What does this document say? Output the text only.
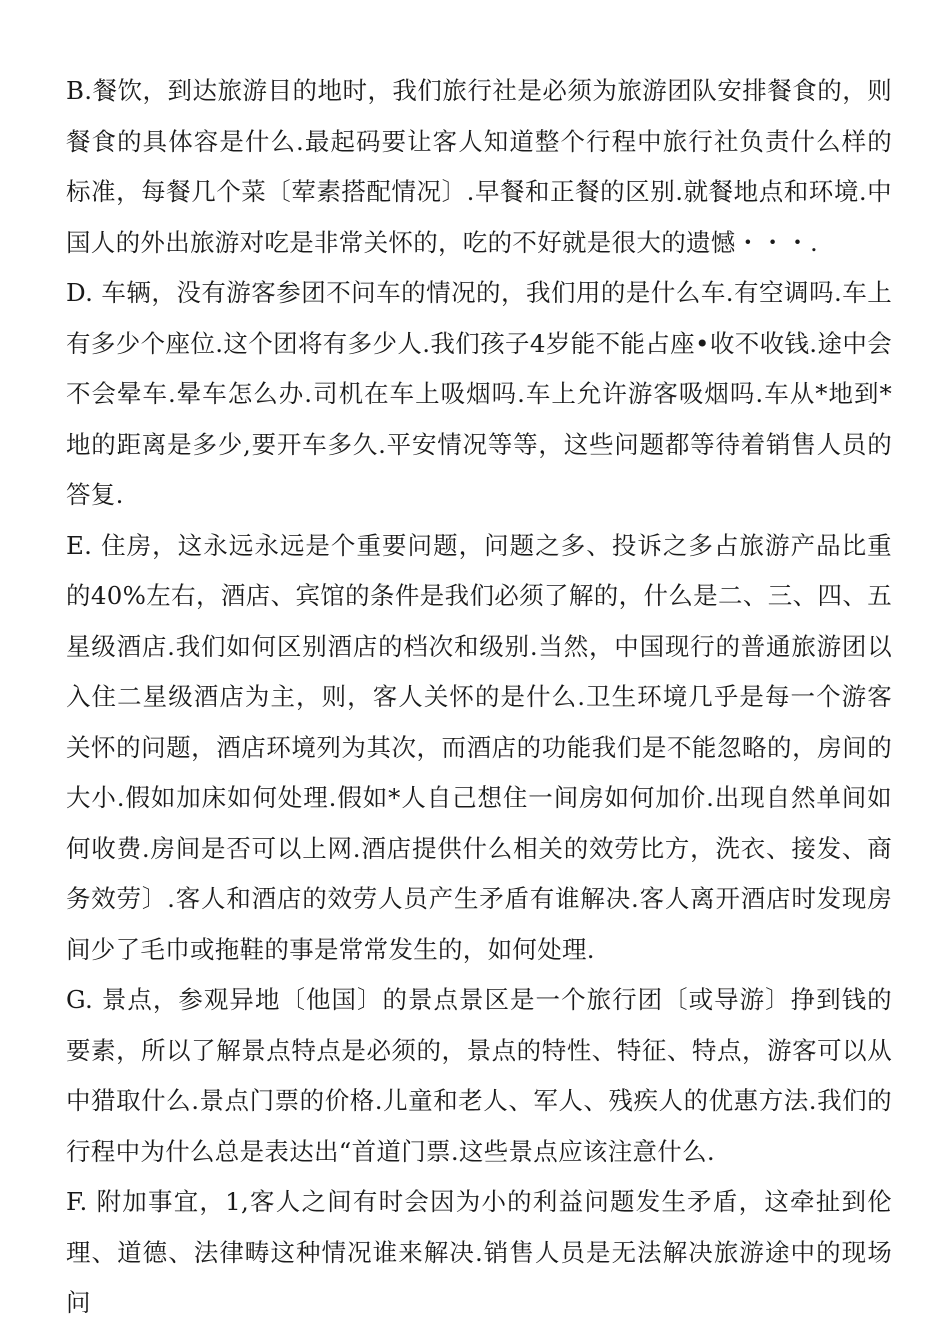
B.餐饮，到达旅游目的地时，我们旅行社是必须为旅游团队安排餐食的，则餐食的具体容是什么.最起码要让客人知道整个行程中旅行社负责什么样的标准，每餐几个菜〔荤素搭配情况〕.早餐和正餐的区别.就餐地点和环境.中国人的外出旅游对吃是非常关怀的，吃的不好就是很大的遗憾・・・.

D. 车辆，没有游客参团不问车的情况的，我们用的是什么车.有空调吗.车上有多少个座位.这个团将有多少人.我们孩子4岁能不能占座•收不收钱.途中会不会晕车.晕车怎么办.司机在车上吸烟吗.车上允许游客吸烟吗.车从*地到*地的距离是多少,要开车多久.平安情况等等，这些问题都等待着销售人员的答复.

E. 住房，这永远永远是个重要问题，问题之多、投诉之多占旅游产品比重的40%左右，酒店、宾馆的条件是我们必须了解的，什么是二、三、四、五星级酒店.我们如何区别酒店的档次和级别.当然，中国现行的普通旅游团以入住二星级酒店为主，则，客人关怀的是什么.卫生环境几乎是每一个游客关怀的问题，酒店环境列为其次，而酒店的功能我们是不能忽略的，房间的大小.假如加床如何处理.假如*人自己想住一间房如何加价.出现自然单间如何收费.房间是否可以上网.酒店提供什么相关的效劳比方，洗衣、接发、商务效劳〕.客人和酒店的效劳人员产生矛盾有谁解决.客人离开酒店时发现房间少了毛巾或拖鞋的事是常常发生的，如何处理.

G. 景点，参观异地〔他国〕的景点景区是一个旅行团〔或导游〕挣到钱的要素，所以了解景点特点是必须的，景点的特性、特征、特点，游客可以从中猎取什么.景点门票的价格.儿童和老人、军人、残疾人的优惠方法.我们的行程中为什么总是表达出“首道门票.这些景点应该注意什么.

F. 附加事宜，1,客人之间有时会因为小的利益问题发生矛盾，这牵扯到伦理、道德、法律畴这种情况谁来解决.销售人员是无法解决旅游途中的现场问
